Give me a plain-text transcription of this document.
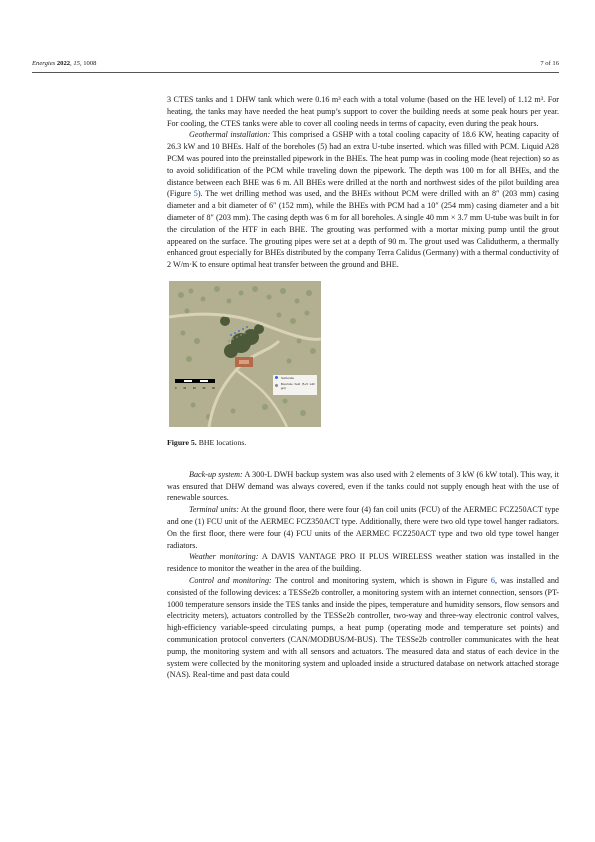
Energies 2022, 15, 1008	7 of 16

3 CTES tanks and 1 DHW tank which were 0.16 m³ each with a total volume (based on the HE level) of 1.12 m³. For heating, the tanks may have needed the heat pump’s support to cover the building needs at some peak hours per year. For cooling, the CTES tanks were able to cover all cooling needs in terms of capacity, even during the peak hours.

Geothermal installation: This comprised a GSHP with a total cooling capacity of 18.6 KW, heating capacity of 26.3 kW and 10 BHEs. Half of the boreholes (5) had an extra U-tube inserted. which was filled with PCM. Liquid A28 PCM was poured into the preinstalled pipework in the BHEs. The heat pump was in cooling mode (heat rejection) so as to avoid solidification of the PCM while traveling down the pipework. The depth was 100 m for all BHEs, and the distance between each BHE was 6 m. All BHEs were drilled at the north and northwest sides of the pilot building area (Figure 5). The wet drilling method was used, and the BHEs without PCM were drilled with an 8″ (203 mm) casing diameter and a bit diameter of 6″ (152 mm), while the BHEs with PCM had a 10″ (254 mm) casing diameter and a bit diameter of 8″ (203 mm). The casing depth was 6 m for all boreholes. A single 40 mm × 3.7 mm U-tube was built in for the circulation of the HTF in each BHE. The grouting was performed with a mortar mixing pump until the grout appeared on the surface. The grouting pipes were set at a depth of 90 m. The grout used was Calidutherm, a thermally enhanced grout especially for BHEs distributed by the company Terra Calidus (Germany) with a thermal conductivity of 2 W/m·K to ensure optimal heat transfer between the ground and BHE.

0	10	20	40	60
Sorbonde
Borehole field (5+5 with gel)
Figure 5. BHE locations.

Back-up system: A 300-L DWH backup system was also used with 2 elements of 3 kW (6 kW total). This way, it was ensured that DHW demand was always covered, even if the tanks could not supply enough heat with the use of renewable sources.

Terminal units: At the ground floor, there were four (4) fan coil units (FCU) of the AERMEC FCZ250ACT type and one (1) FCU unit of the AERMEC FCZ350ACT type. Additionally, there were two old type towel hanger radiators. On the first floor, there were four (4) FCU units of the AERMEC FCZ250ACT type and two old type towel hanger radiators.

Weather monitoring: A DAVIS VANTAGE PRO II PLUS WIRELESS weather station was installed in the residence to monitor the weather in the area of the building.

Control and monitoring: The control and monitoring system, which is shown in Figure 6, was installed and consisted of the following devices: a TESSe2b controller, a monitoring system with an internet connection, sensors (PT-1000 temperature sensors inside the TES tanks and inside the pipes, temperature and humidity sensors, flow sensors and electricity meters), actuators controlled by the TESSe2b controller, two-way and three-way electronic control valves, high-efficiency variable-speed circulating pumps, a heat pump (operating mode and temperature set points) and communication protocol converters (CAN/MODBUS/M-BUS). The TESSe2b controller communicates with the heat pump, the monitoring system and with all sensors and actuators. The measured data and status of each device in the system were collected by the monitoring system and uploaded inside a structured database on network attached storage (NAS). Real-time and past data could
